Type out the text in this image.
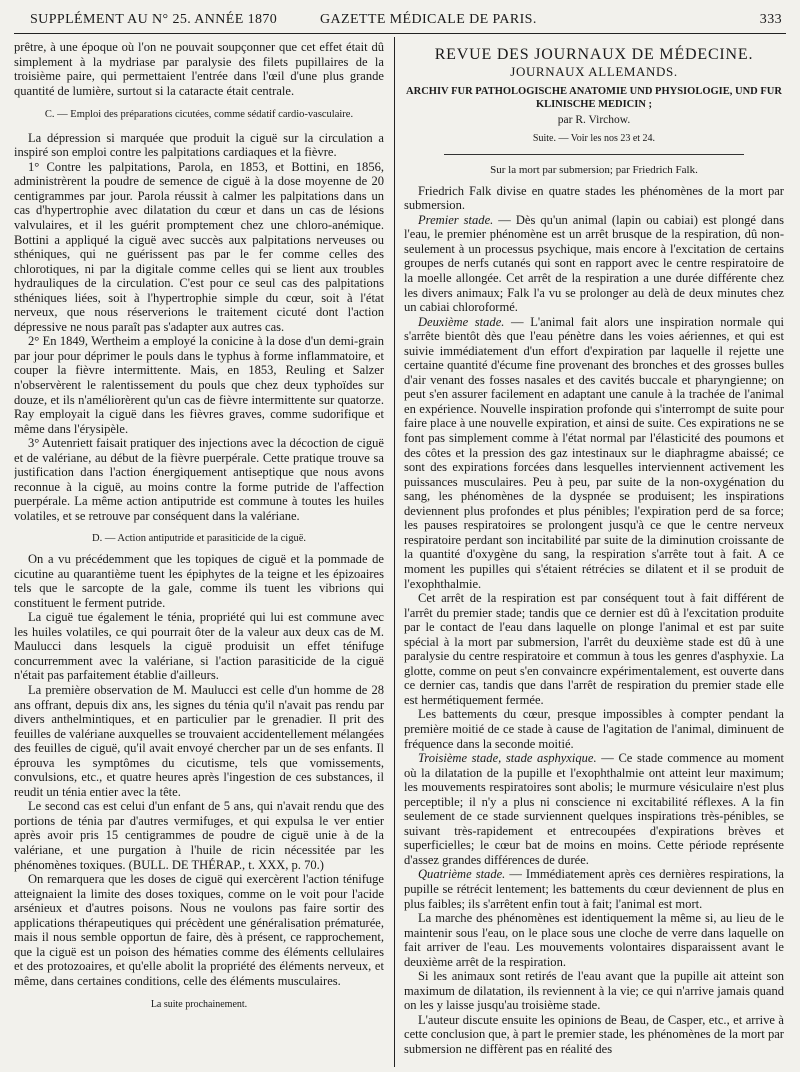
SUPPLÉMENT AU N° 25. ANNÉE 1870	GAZETTE MÉDICALE DE PARIS.	333

prêtre, à une époque où l'on ne pouvait soupçonner que cet effet était dû simplement à la mydriase par paralysie des filets pupillaires de la troisième paire, qui permettaient l'entrée dans l'œil d'une plus grande quantité de lumière, surtout si la cataracte était centrale.

C. — Emploi des préparations cicutées, comme sédatif cardio-vasculaire.

La dépression si marquée que produit la ciguë sur la circulation a inspiré son emploi contre les palpitations cardiaques et la fièvre.

1° Contre les palpitations, Parola, en 1853, et Bottini, en 1856, administrèrent la poudre de semence de ciguë à la dose moyenne de 20 centigrammes par jour. Parola réussit à calmer les palpitations dans un cas d'hypertrophie avec dilatation du cœur et dans un cas de lésions valvulaires, et il les guérit promptement chez une chloro-anémique. Bottini a appliqué la ciguë avec succès aux palpitations nerveuses ou sthéniques, qui ne guérissent pas par le fer comme celles des chlorotiques, ni par la digitale comme celles qui se lient aux troubles hydrauliques de la circulation. C'est pour ce seul cas des palpitations sthéniques liées, soit à l'hypertrophie simple du cœur, soit à l'état nerveux, que nous réserverions le traitement cicuté dont l'action dépressive ne nous paraît pas s'adapter aux autres cas.

2° En 1849, Wertheim a employé la conicine à la dose d'un demi-grain par jour pour déprimer le pouls dans le typhus à forme inflammatoire, et couper la fièvre intermittente. Mais, en 1853, Reuling et Salzer n'observèrent le ralentissement du pouls que chez deux typhoïdes sur douze, et ils n'améliorèrent qu'un cas de fièvre intermittente sur quatorze. Ray employait la ciguë dans les fièvres graves, comme sudorifique et même dans l'érysipèle.

3° Autenriett faisait pratiquer des injections avec la décoction de ciguë et de valériane, au début de la fièvre puerpérale. Cette pratique trouve sa justification dans l'action énergiquement antiseptique que nous avons reconnue à la ciguë, au moins contre la forme putride de l'affection puerpérale. La même action antiputride est commune à toutes les huiles volatiles, et se retrouve par conséquent dans la valériane.

D. — Action antiputride et parasiticide de la ciguë.

On a vu précédemment que les topiques de ciguë et la pommade de cicutine au quarantième tuent les épiphytes de la teigne et les épizoaires tels que le sarcopte de la gale, comme ils tuent les vibrions qui constituent le ferment putride.

La ciguë tue également le ténia, propriété qui lui est commune avec les huiles volatiles, ce qui pourrait ôter de la valeur aux deux cas de M. Maulucci dans lesquels la ciguë produisit un effet ténifuge concurremment avec la valériane, si l'action parasiticide de la ciguë n'était pas parfaitement établie d'ailleurs.

La première observation de M. Maulucci est celle d'un homme de 28 ans offrant, depuis dix ans, les signes du ténia qu'il n'avait pas rendu par divers anthelmintiques, et en particulier par le grenadier. Il prit des feuilles de valériane auxquelles se trouvaient accidentellement mélangées des feuilles de ciguë, qu'il avait envoyé chercher par un de ses enfants. Il éprouva les symptômes du cicutisme, tels que vomissements, convulsions, etc., et quatre heures après l'ingestion de ces substances, il reudit un ténia entier avec la tête.

Le second cas est celui d'un enfant de 5 ans, qui n'avait rendu que des portions de ténia par d'autres vermifuges, et qui expulsa le ver entier après avoir pris 15 centigrammes de poudre de ciguë unie à de la valériane, et une purgation à l'huile de ricin nécessitée par les phénomènes toxiques. (BULL. DE THÉRAP., t. XXX, p. 70.)

On remarquera que les doses de ciguë qui exercèrent l'action ténifuge atteignaient la limite des doses toxiques, comme on le voit pour l'acide arsénieux et d'autres poisons. Nous ne voulons pas faire sortir des applications thérapeutiques qui précèdent une généralisation prématurée, mais il nous semble opportun de faire, dès à présent, ce rapprochement, que la ciguë est un poison des hématies comme des éléments cellulaires et des protozoaires, et qu'elle abolit la propriété des éléments nerveux, et même, dans certaines conditions, celle des éléments musculaires.

La suite prochainement.
REVUE DES JOURNAUX DE MÉDECINE.
JOURNAUX ALLEMANDS.
ARCHIV FUR PATHOLOGISCHE ANATOMIE UND PHYSIOLOGIE, UND FUR KLINISCHE MEDICIN ;
par R. Virchow.
Suite. — Voir les nos 23 et 24.
Sur la mort par submersion; par Friedrich Falk.

Friedrich Falk divise en quatre stades les phénomènes de la mort par submersion.

Premier stade. — Dès qu'un animal (lapin ou cabiai) est plongé dans l'eau, le premier phénomène est un arrêt brusque de la respiration, dû non-seulement à un processus psychique, mais encore à l'excitation de certains groupes de nerfs cutanés qui sont en rapport avec le centre respiratoire de la moelle allongée. Cet arrêt de la respiration a une durée différente chez les divers animaux; Falk l'a vu se prolonger au delà de deux minutes chez un cabiai chloroformé.

Deuxième stade. — L'animal fait alors une inspiration normale qui s'arrête bientôt dès que l'eau pénètre dans les voies aériennes, et qui est suivie immédiatement d'un effort d'expiration par laquelle il rejette une certaine quantité d'écume fine provenant des bronches et des grosses bulles d'air venant des fosses nasales et des cavités buccale et pharyngienne; on peut s'en assurer facilement en adaptant une canule à la trachée de l'animal en expérience. Nouvelle inspiration profonde qui s'interrompt de suite pour faire place à une nouvelle expiration, et ainsi de suite. Ces expirations ne se font pas simplement comme à l'état normal par l'élasticité des poumons et des côtes et la pression des gaz intestinaux sur le diaphragme abaissé; ce sont des expirations forcées dans lesquelles interviennent activement les puissances musculaires. Peu à peu, par suite de la non-oxygénation du sang, les phénomènes de la dyspnée se produisent; les inspirations deviennent plus profondes et plus pénibles; l'expiration perd de sa force; les pauses respiratoires se prolongent jusqu'à ce que le centre nerveux respiratoire perdant son incitabilité par suite de la diminution croissante de la quantité d'oxygène du sang, la respiration s'arrête tout à fait. A ce moment les pupilles qui s'étaient rétrécies se dilatent et il se produit de l'exophthalmie.

Cet arrêt de la respiration est par conséquent tout à fait différent de l'arrêt du premier stade; tandis que ce dernier est dû à l'excitation produite par le contact de l'eau dans laquelle on plonge l'animal et est par suite spécial à la mort par submersion, l'arrêt du deuxième stade est dû à une paralysie du centre respiratoire et commun à tous les genres d'asphyxie. La glotte, comme on peut s'en convaincre expérimentalement, est ouverte dans ce dernier cas, tandis que dans l'arrêt de respiration du premier stade elle est hermétiquement fermée.

Les battements du cœur, presque impossibles à compter pendant la première moitié de ce stade à cause de l'agitation de l'animal, diminuent de fréquence dans la seconde moitié.

Troisième stade, stade asphyxique. — Ce stade commence au moment où la dilatation de la pupille et l'exophthalmie ont atteint leur maximum; les mouvements respiratoires sont abolis; le murmure vésiculaire n'est plus perceptible; il n'y a plus ni conscience ni excitabilité réflexes. A la fin seulement de ce stade surviennent quelques inspirations très-pénibles, se suivant très-rapidement et entrecoupées d'expirations brèves et superficielles; le cœur bat de moins en moins. Cette période représente d'assez grandes différences de durée.

Quatrième stade. — Immédiatement après ces dernières respirations, la pupille se rétrécit lentement; les battements du cœur deviennent de plus en plus faibles; ils s'arrêtent enfin tout à fait; l'animal est mort.

La marche des phénomènes est identiquement la même si, au lieu de le maintenir sous l'eau, on le place sous une cloche de verre dans laquelle on fait arriver de l'eau. Les mouvements volontaires disparaissent avant le deuxième arrêt de la respiration.

Si les animaux sont retirés de l'eau avant que la pupille ait atteint son maximum de dilatation, ils reviennent à la vie; ce qui n'arrive jamais quand on les y laisse jusqu'au troisième stade.

L'auteur discute ensuite les opinions de Beau, de Casper, etc., et arrive à cette conclusion que, à part le premier stade, les phénomènes de la mort par submersion ne diffèrent pas en réalité des
